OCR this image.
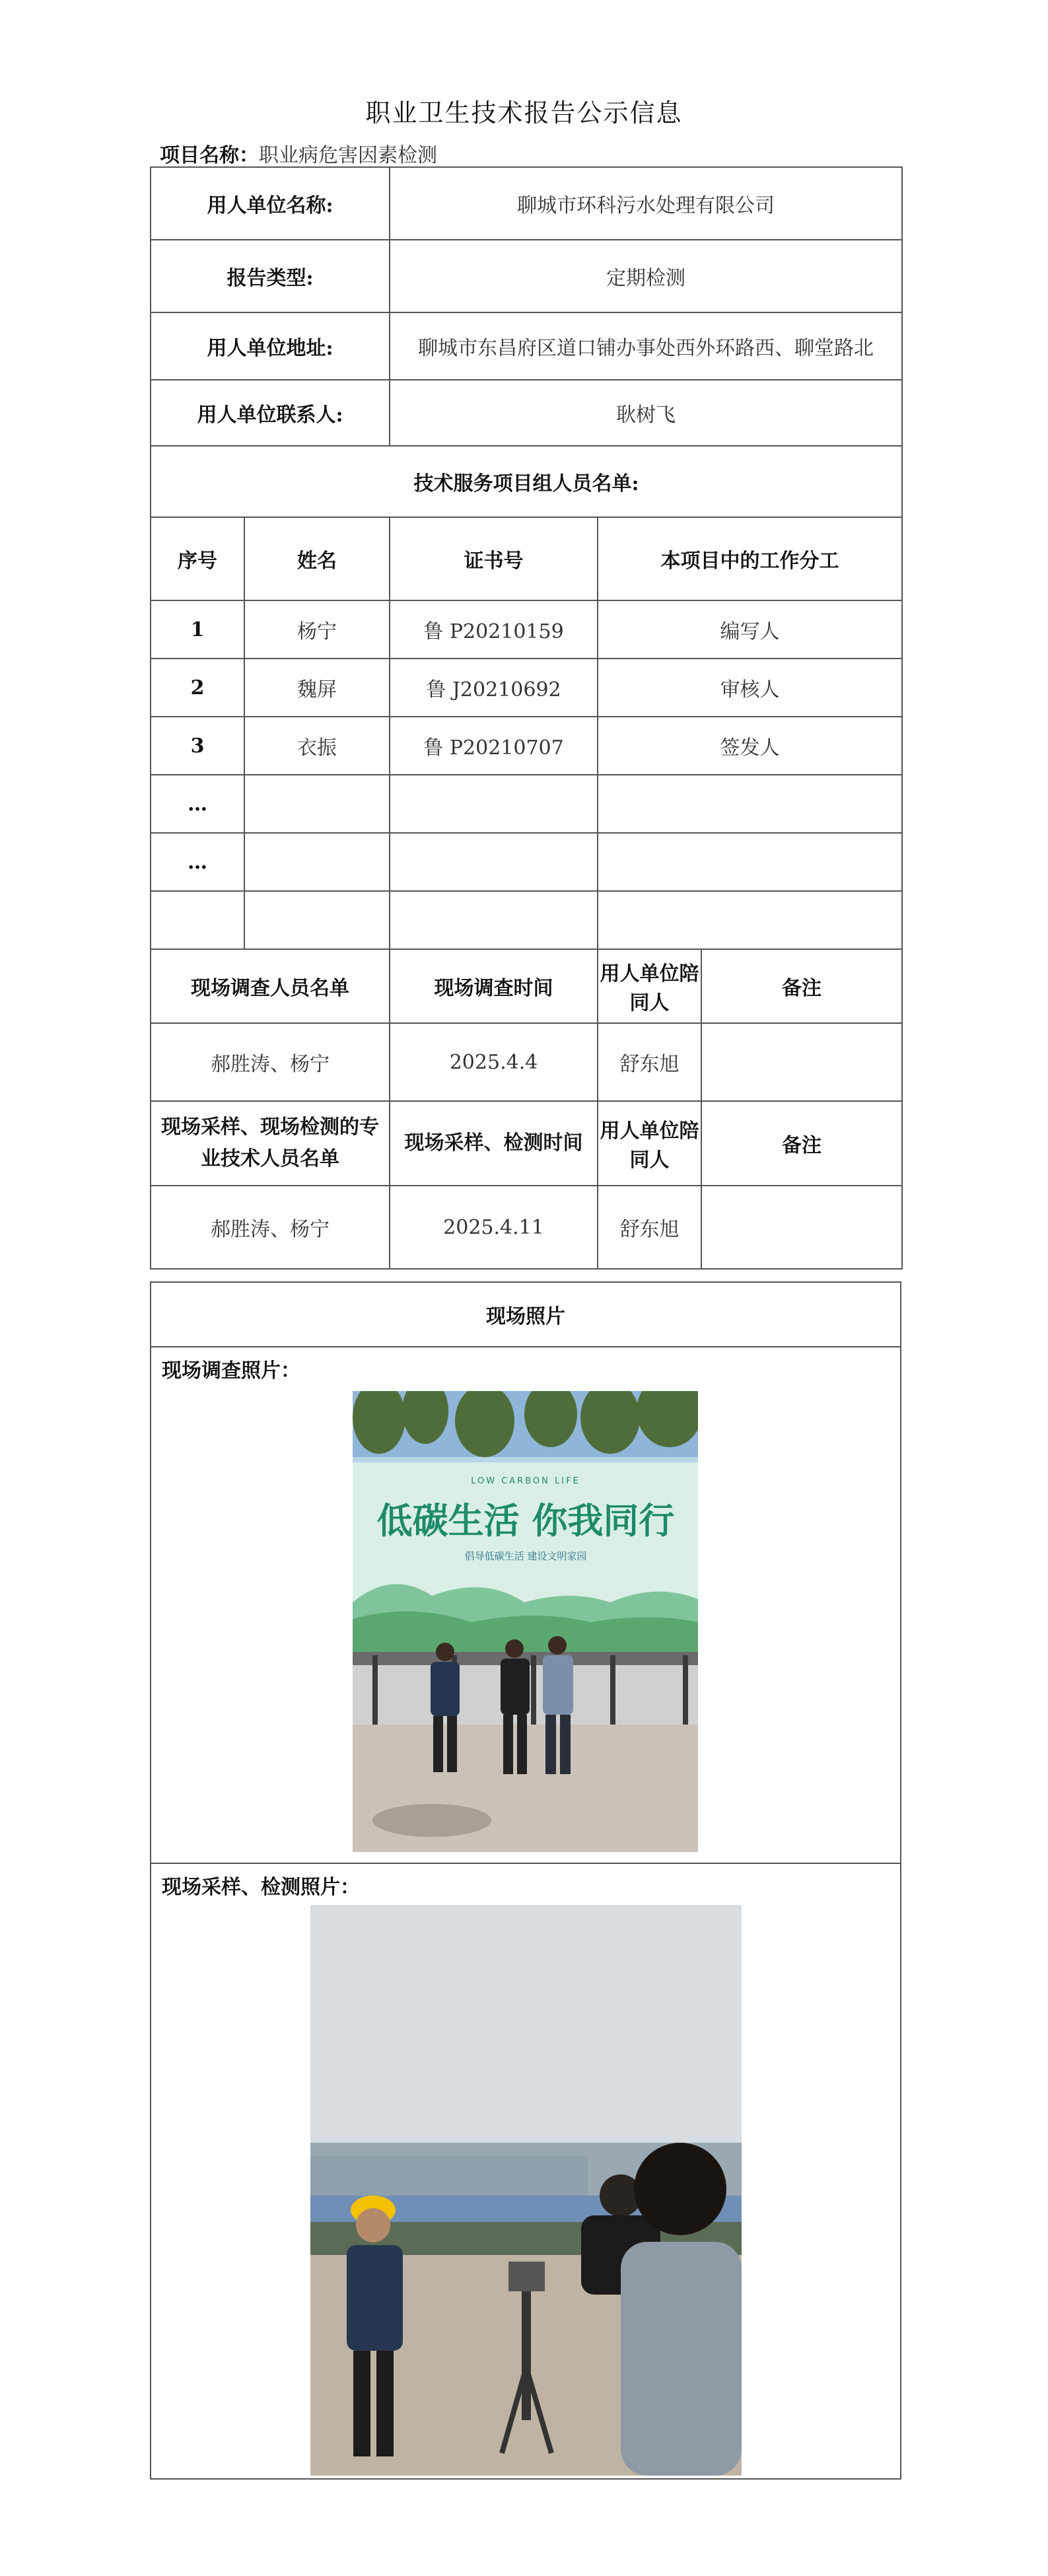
职业卫生技术报告公示信息
项目名称：职业病危害因素检测
用人单位名称:		聊城市环科污水处理有限公司		
报告类型:		定期检测		
用人单位地址:		聊城市东昌府区道口铺办事处西外环路西、聊堂路北		
用人单位联系人:		耿树飞		
技术服务项目组人员名单:				
序号	姓名	证书号	本项目中的工作分工	
1	杨宁	鲁 P20210159	编写人	
2	魏屏	鲁 J20210692	审核人	
3	衣振	鲁 P20210707	签发人	
…				
…				

现场调查人员名单		现场调查时间	用人单位陪同人	备注
郝胜涛、杨宁		2025.4.4	舒东旭	
现场采样、现场检测的专业技术人员名单		现场采样、检测时间	用人单位陪同人	备注
郝胜涛、杨宁		2025.4.11	舒东旭	
现场照片

现场调查照片：
LOW CARBON LIFE
低碳生活 你我同行
倡导低碳生活 建设文明家园

现场采样、检测照片：
